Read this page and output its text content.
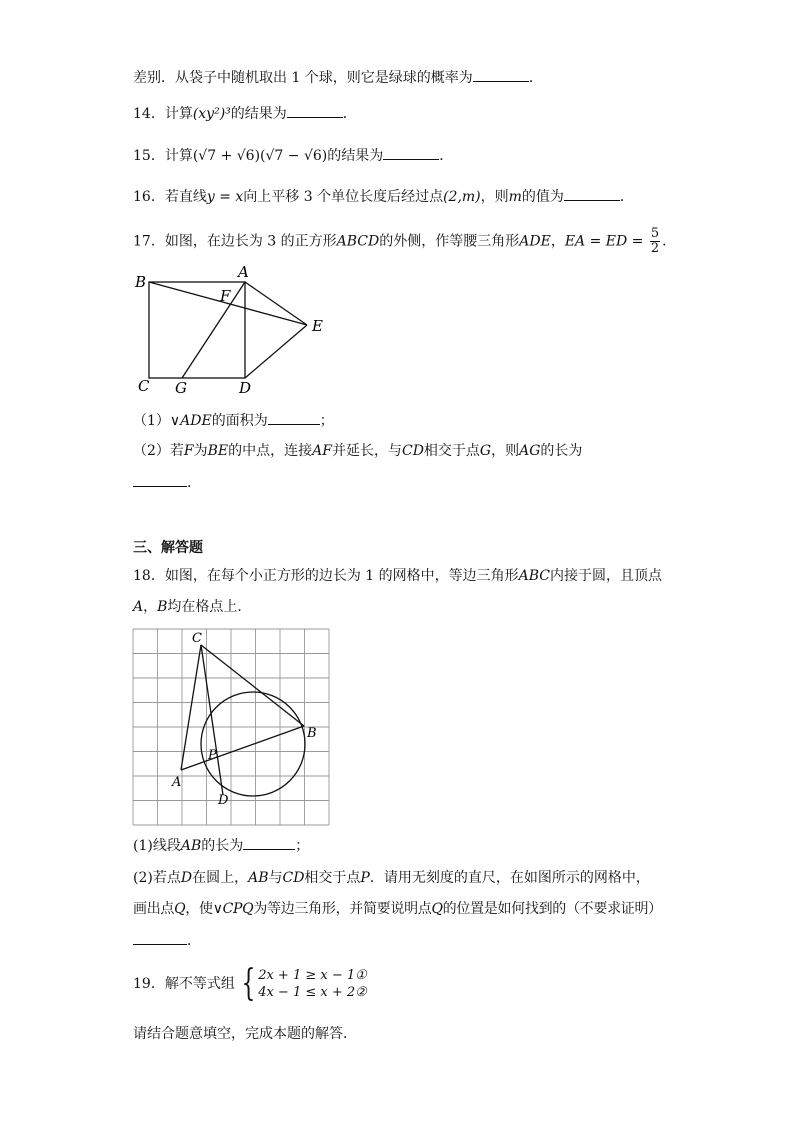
差别．从袋子中随机取出 1 个球，则它是绿球的概率为	．
14．计算(xy²)³的结果为	．
15．计算(√7 + √6)(√7 − √6)的结果为	．
16．若直线y = x向上平移 3 个单位长度后经过点(2,m)，则m的值为	．
17．如图，在边长为 3 的正方形ABCD的外侧，作等腰三角形ADE，EA = ED = $\frac{5}{2}$ ．
B
A
F
E
C G	D
（1）∨ADE的面积为	；
（2）若F为BE的中点，连接AF并延长，与CD相交于点G，则AG的长为
．
三、解答题
18．如图，在每个小正方形的边长为 1 的网格中，等边三角形ABC内接于圆，且顶点
A，B均在格点上．
C
B
A
P
D
(1)线段AB的长为	；
(2)若点D在圆上，AB与CD相交于点P．请用无刻度的直尺，在如图所示的网格中，
画出点Q，使∨CPQ为等边三角形，并简要说明点Q的位置是如何找到的（不要求证明）
．
19．解不等式组 { 2x + 1 ≥ x − 1①
4x − 1 ≤ x + 2②
请结合题意填空，完成本题的解答．
